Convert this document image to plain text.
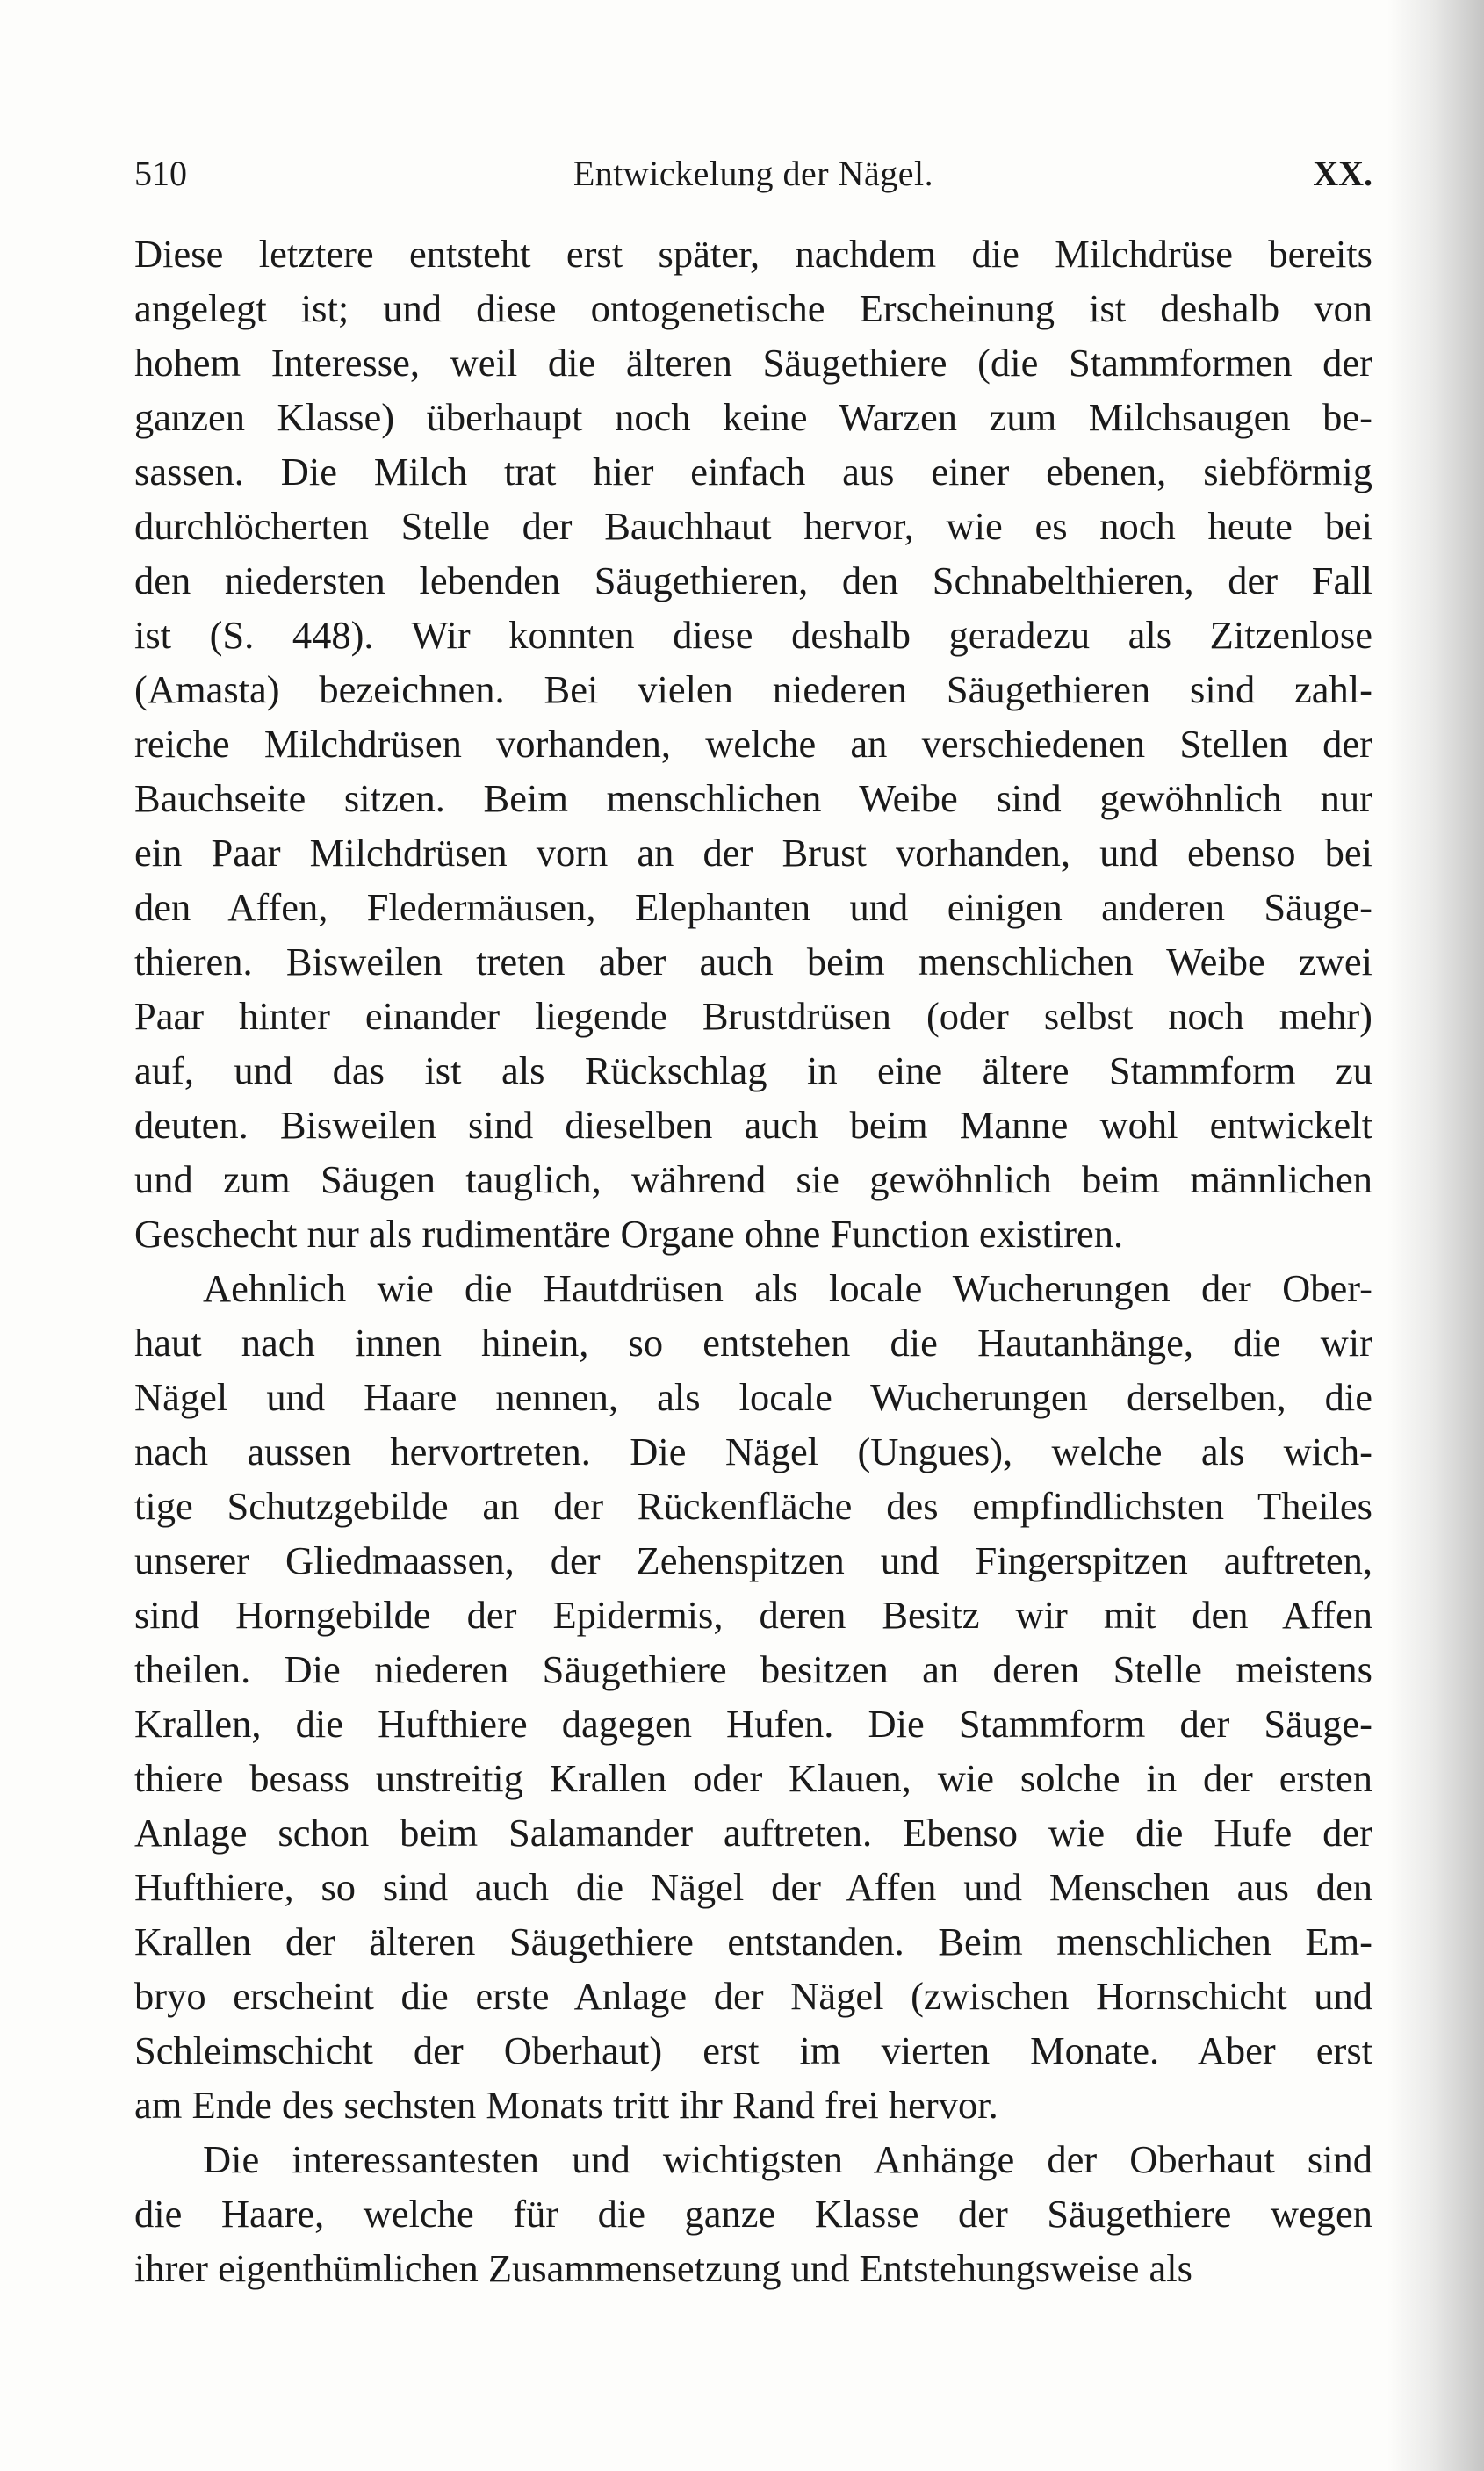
510	Entwickelung der Nägel.	XX.
Diese letztere entsteht erst später, nachdem die Milchdrüse bereits
angelegt ist; und diese ontogenetische Erscheinung ist deshalb von
hohem Interesse, weil die älteren Säugethiere (die Stammformen der
ganzen Klasse) überhaupt noch keine Warzen zum Milchsaugen be-
sassen. Die Milch trat hier einfach aus einer ebenen, siebförmig
durchlöcherten Stelle der Bauchhaut hervor, wie es noch heute bei
den niedersten lebenden Säugethieren, den Schnabelthieren, der Fall
ist (S. 448). Wir konnten diese deshalb geradezu als Zitzenlose
(Amasta) bezeichnen. Bei vielen niederen Säugethieren sind zahl-
reiche Milchdrüsen vorhanden, welche an verschiedenen Stellen der
Bauchseite sitzen. Beim menschlichen Weibe sind gewöhnlich nur
ein Paar Milchdrüsen vorn an der Brust vorhanden, und ebenso bei
den Affen, Fledermäusen, Elephanten und einigen anderen Säuge-
thieren. Bisweilen treten aber auch beim menschlichen Weibe zwei
Paar hinter einander liegende Brustdrüsen (oder selbst noch mehr)
auf, und das ist als Rückschlag in eine ältere Stammform zu
deuten. Bisweilen sind dieselben auch beim Manne wohl entwickelt
und zum Säugen tauglich, während sie gewöhnlich beim männlichen
Geschecht nur als rudimentäre Organe ohne Function existiren.
Aehnlich wie die Hautdrüsen als locale Wucherungen der Ober-
haut nach innen hinein, so entstehen die Hautanhänge, die wir
Nägel und Haare nennen, als locale Wucherungen derselben, die
nach aussen hervortreten. Die Nägel (Ungues), welche als wich-
tige Schutzgebilde an der Rückenfläche des empfindlichsten Theiles
unserer Gliedmaassen, der Zehenspitzen und Fingerspitzen auftreten,
sind Horngebilde der Epidermis, deren Besitz wir mit den Affen
theilen. Die niederen Säugethiere besitzen an deren Stelle meistens
Krallen, die Hufthiere dagegen Hufen. Die Stammform der Säuge-
thiere besass unstreitig Krallen oder Klauen, wie solche in der ersten
Anlage schon beim Salamander auftreten. Ebenso wie die Hufe der
Hufthiere, so sind auch die Nägel der Affen und Menschen aus den
Krallen der älteren Säugethiere entstanden. Beim menschlichen Em-
bryo erscheint die erste Anlage der Nägel (zwischen Hornschicht und
Schleimschicht der Oberhaut) erst im vierten Monate. Aber erst
am Ende des sechsten Monats tritt ihr Rand frei hervor.
Die interessantesten und wichtigsten Anhänge der Oberhaut sind
die Haare, welche für die ganze Klasse der Säugethiere wegen
ihrer eigenthümlichen Zusammensetzung und Entstehungsweise als
